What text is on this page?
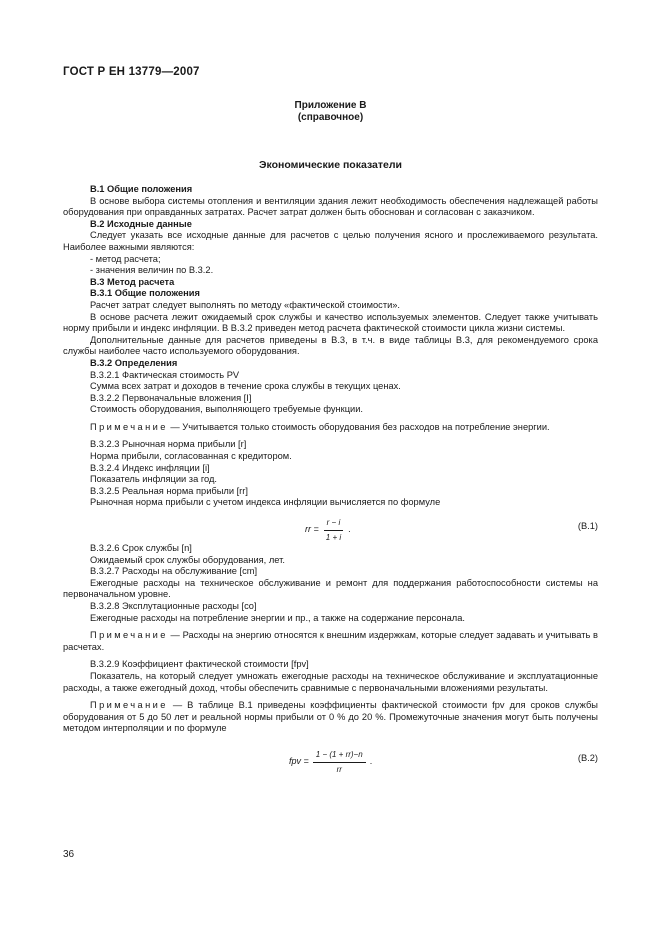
ГОСТ Р ЕН 13779—2007
Приложение В
(справочное)
Экономические показатели

В.1 Общие положения

В основе выбора системы отопления и вентиляции здания лежит необходимость обеспечения надлежащей работы оборудования при оправданных затратах. Расчет затрат должен быть обоснован и согласован с заказчиком.

В.2 Исходные данные

Следует указать все исходные данные для расчетов с целью получения ясного и прослеживаемого результата. Наиболее важными являются:

- метод расчета;

- значения величин по В.3.2.

В.3 Метод расчета

В.3.1 Общие положения

Расчет затрат следует выполнять по методу «фактической стоимости».

В основе расчета лежит ожидаемый срок службы и качество используемых элементов. Следует также учитывать норму прибыли и индекс инфляции. В В.3.2 приведен метод расчета фактической стоимости цикла жизни системы.

Дополнительные данные для расчетов приведены в В.3, в т.ч. в виде таблицы В.3, для рекомендуемого срока службы наиболее часто используемого оборудования.

В.3.2 Определения

В.3.2.1 Фактическая стоимость PV

Сумма всех затрат и доходов в течение срока службы в текущих ценах.

В.3.2.2 Первоначальные вложения [I]

Стоимость оборудования, выполняющего требуемые функции.

Примечание — Учитывается только стоимость оборудования без расходов на потребление энергии.

В.3.2.3 Рыночная норма прибыли [r]

Норма прибыли, согласованная с кредитором.

В.3.2.4 Индекс инфляции [i]

Показатель инфляции за год.

В.3.2.5 Реальная норма прибыли [rr]

Рыночная норма прибыли с учетом индекса инфляции вычисляется по формуле

rr = $\frac{r - i}{1 + i}$ .	(В.1)

В.3.2.6 Срок службы [n]

Ожидаемый срок службы оборудования, лет.

В.3.2.7 Расходы на обслуживание [cm]

Ежегодные расходы на техническое обслуживание и ремонт для поддержания работоспособности системы на первоначальном уровне.

В.3.2.8 Эксплутационные расходы [co]

Ежегодные расходы на потребление энергии и пр., а также на содержание персонала.

Примечание — Расходы на энергию относятся к внешним издержкам, которые следует задавать и учитывать в расчетах.

В.3.2.9 Коэффициент фактической стоимости [fpv]

Показатель, на который следует умножать ежегодные расходы на техническое обслуживание и эксплуатационные расходы, а также ежегодный доход, чтобы обеспечить сравнимые с первоначальными вложениями результаты.

Примечание — В таблице В.1 приведены коэффициенты фактической стоимости fpv для сроков службы оборудования от 5 до 50 лет и реальной нормы прибыли от 0 % до 20 %. Промежуточные значения могут быть получены методом интерполяции и по формуле

fpv = $\frac{1 - (1 + rr)-n}{rr}$ .	(В.2)
36
